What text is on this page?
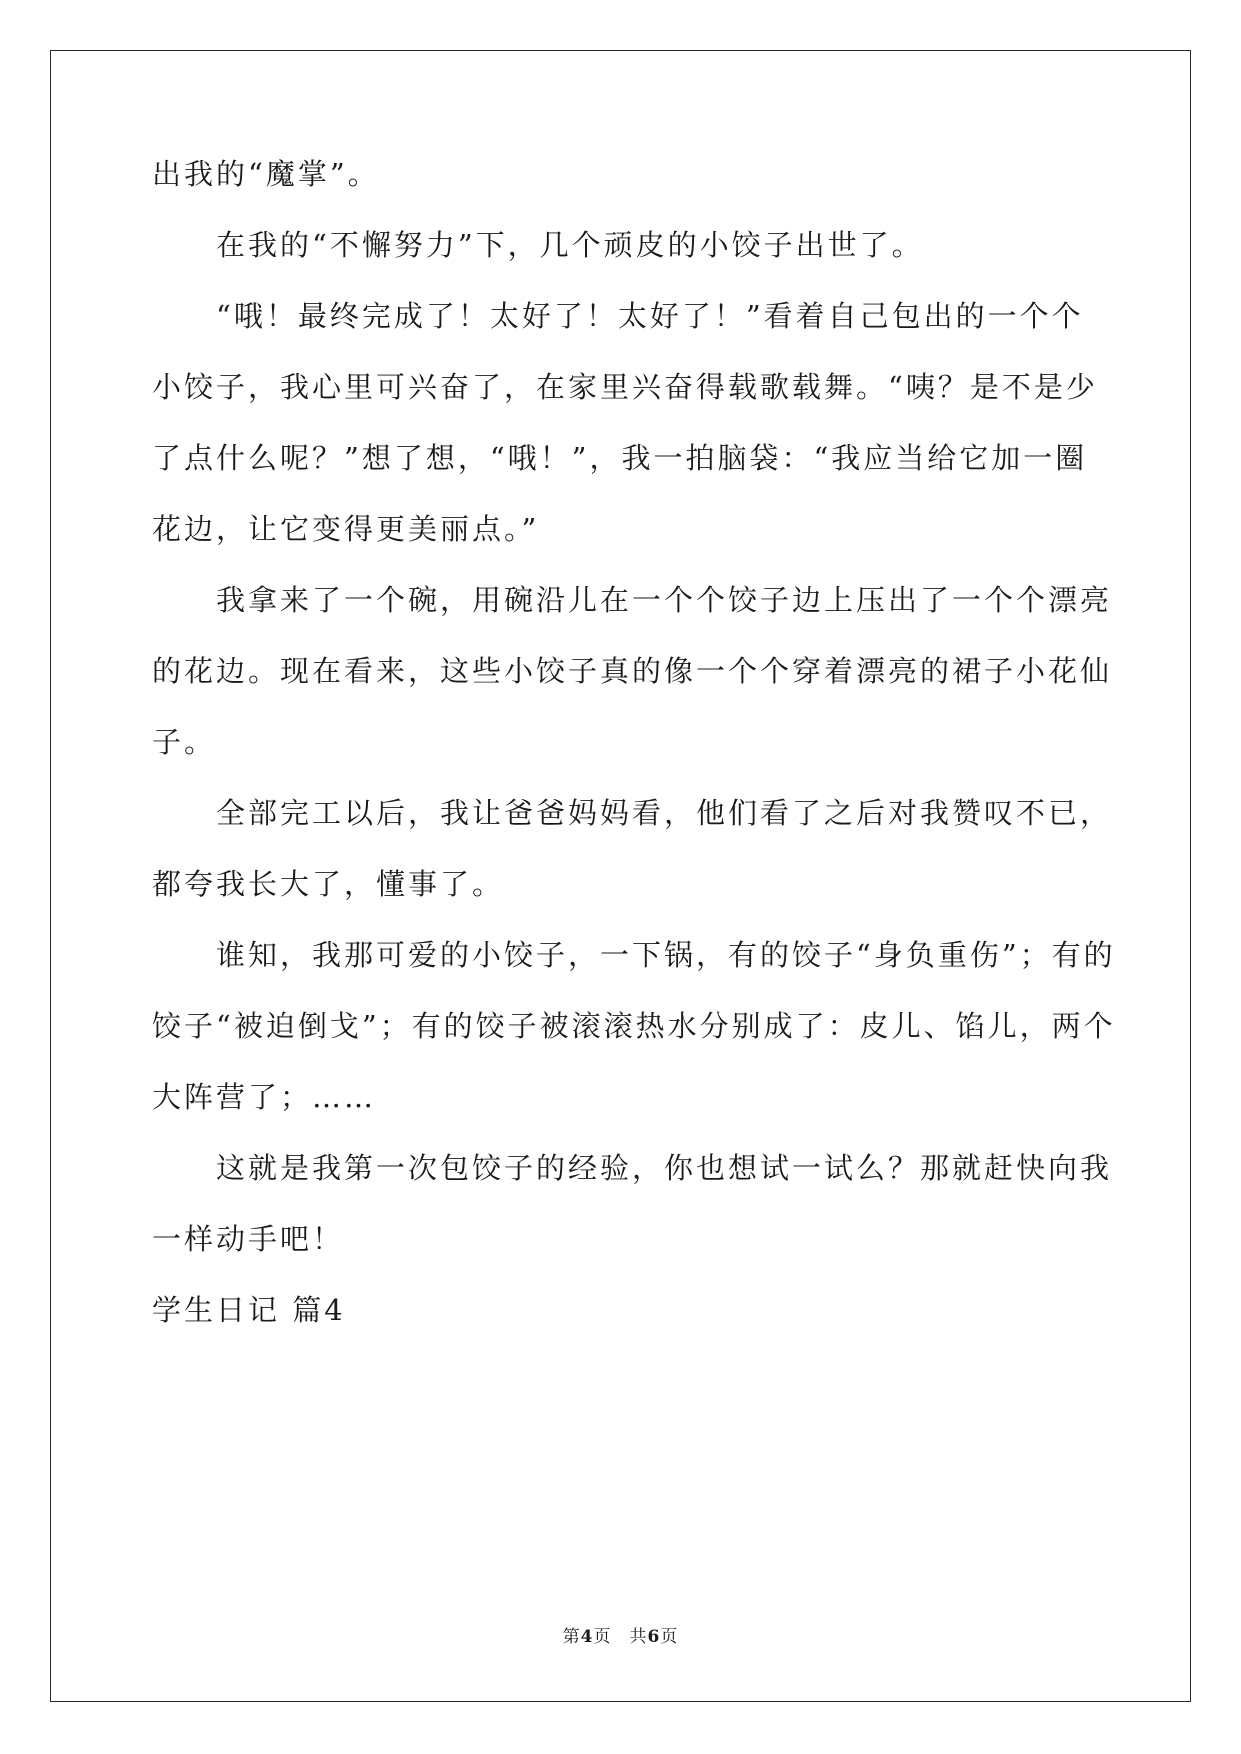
出我的“魔掌”。
在我的“不懈努力”下，几个顽皮的小饺子出世了。
“哦！最终完成了！太好了！太好了！”看着自己包出的一个个
小饺子，我心里可兴奋了，在家里兴奋得载歌载舞。“咦？是不是少
了点什么呢？”想了想，“哦！”，我一拍脑袋：“我应当给它加一圈
花边，让它变得更美丽点。”
我拿来了一个碗，用碗沿儿在一个个饺子边上压出了一个个漂亮
的花边。现在看来，这些小饺子真的像一个个穿着漂亮的裙子小花仙
子。
全部完工以后，我让爸爸妈妈看，他们看了之后对我赞叹不已，
都夸我长大了，懂事了。
谁知，我那可爱的小饺子，一下锅，有的饺子“身负重伤”；有的
饺子“被迫倒戈”；有的饺子被滚滚热水分别成了：皮儿、馅儿，两个
大阵营了；……
这就是我第一次包饺子的经验，你也想试一试么？那就赶快向我
一样动手吧！
学生日记 篇4
第4页　共6页
